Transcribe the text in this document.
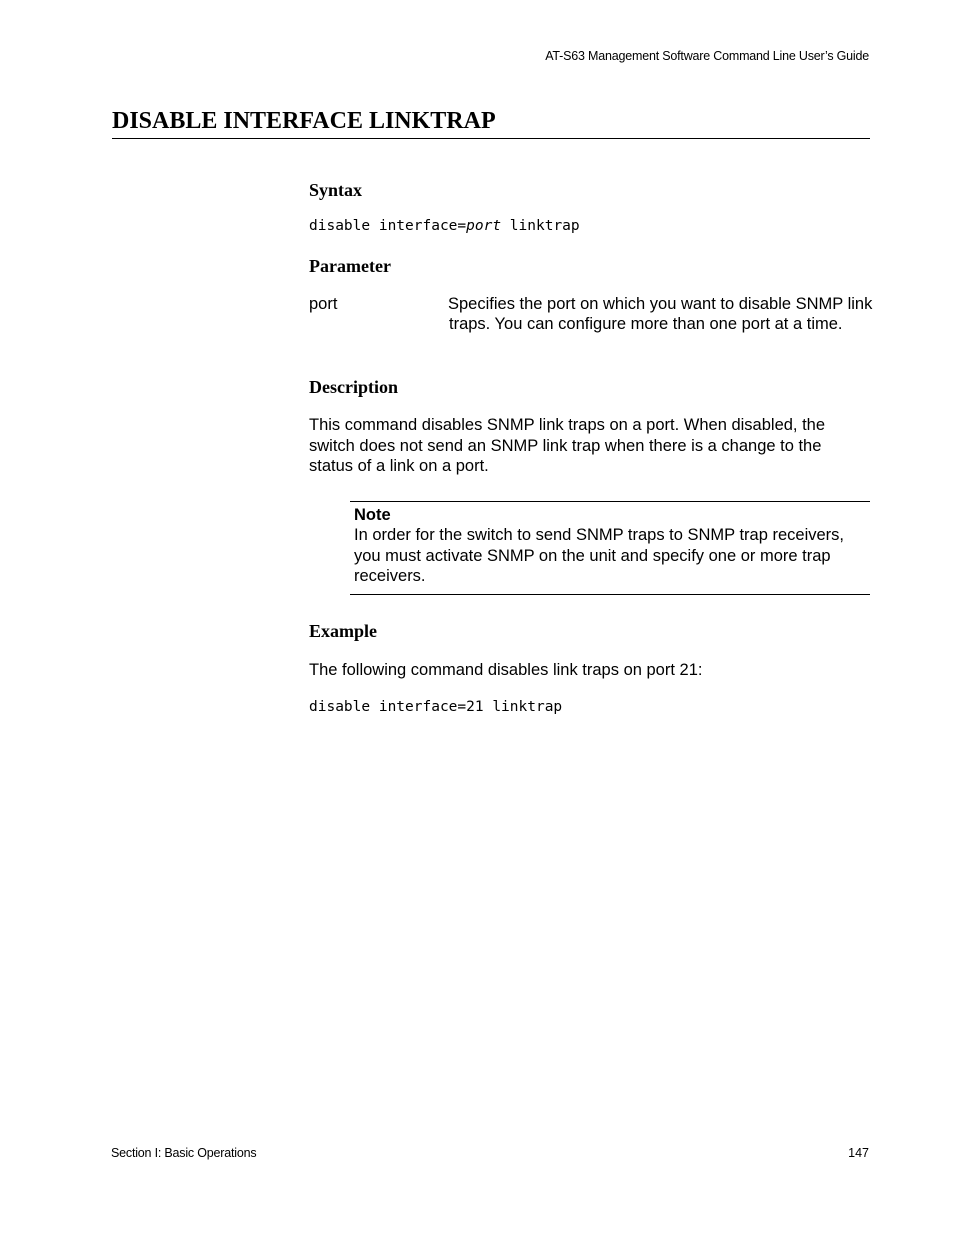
AT-S63 Management Software Command Line User’s Guide
DISABLE INTERFACE LINKTRAP
Syntax
disable interface=port linktrap
Parameter
port	Specifies the port on which you want to disable SNMP link traps. You can configure more than one port at a time.
Description
This command disables SNMP link traps on a port. When disabled, the switch does not send an SNMP link trap when there is a change to the status of a link on a port.
Note
In order for the switch to send SNMP traps to SNMP trap receivers, you must activate SNMP on the unit and specify one or more trap receivers.
Example
The following command disables link traps on port 21:
disable interface=21 linktrap
Section I: Basic Operations	147
